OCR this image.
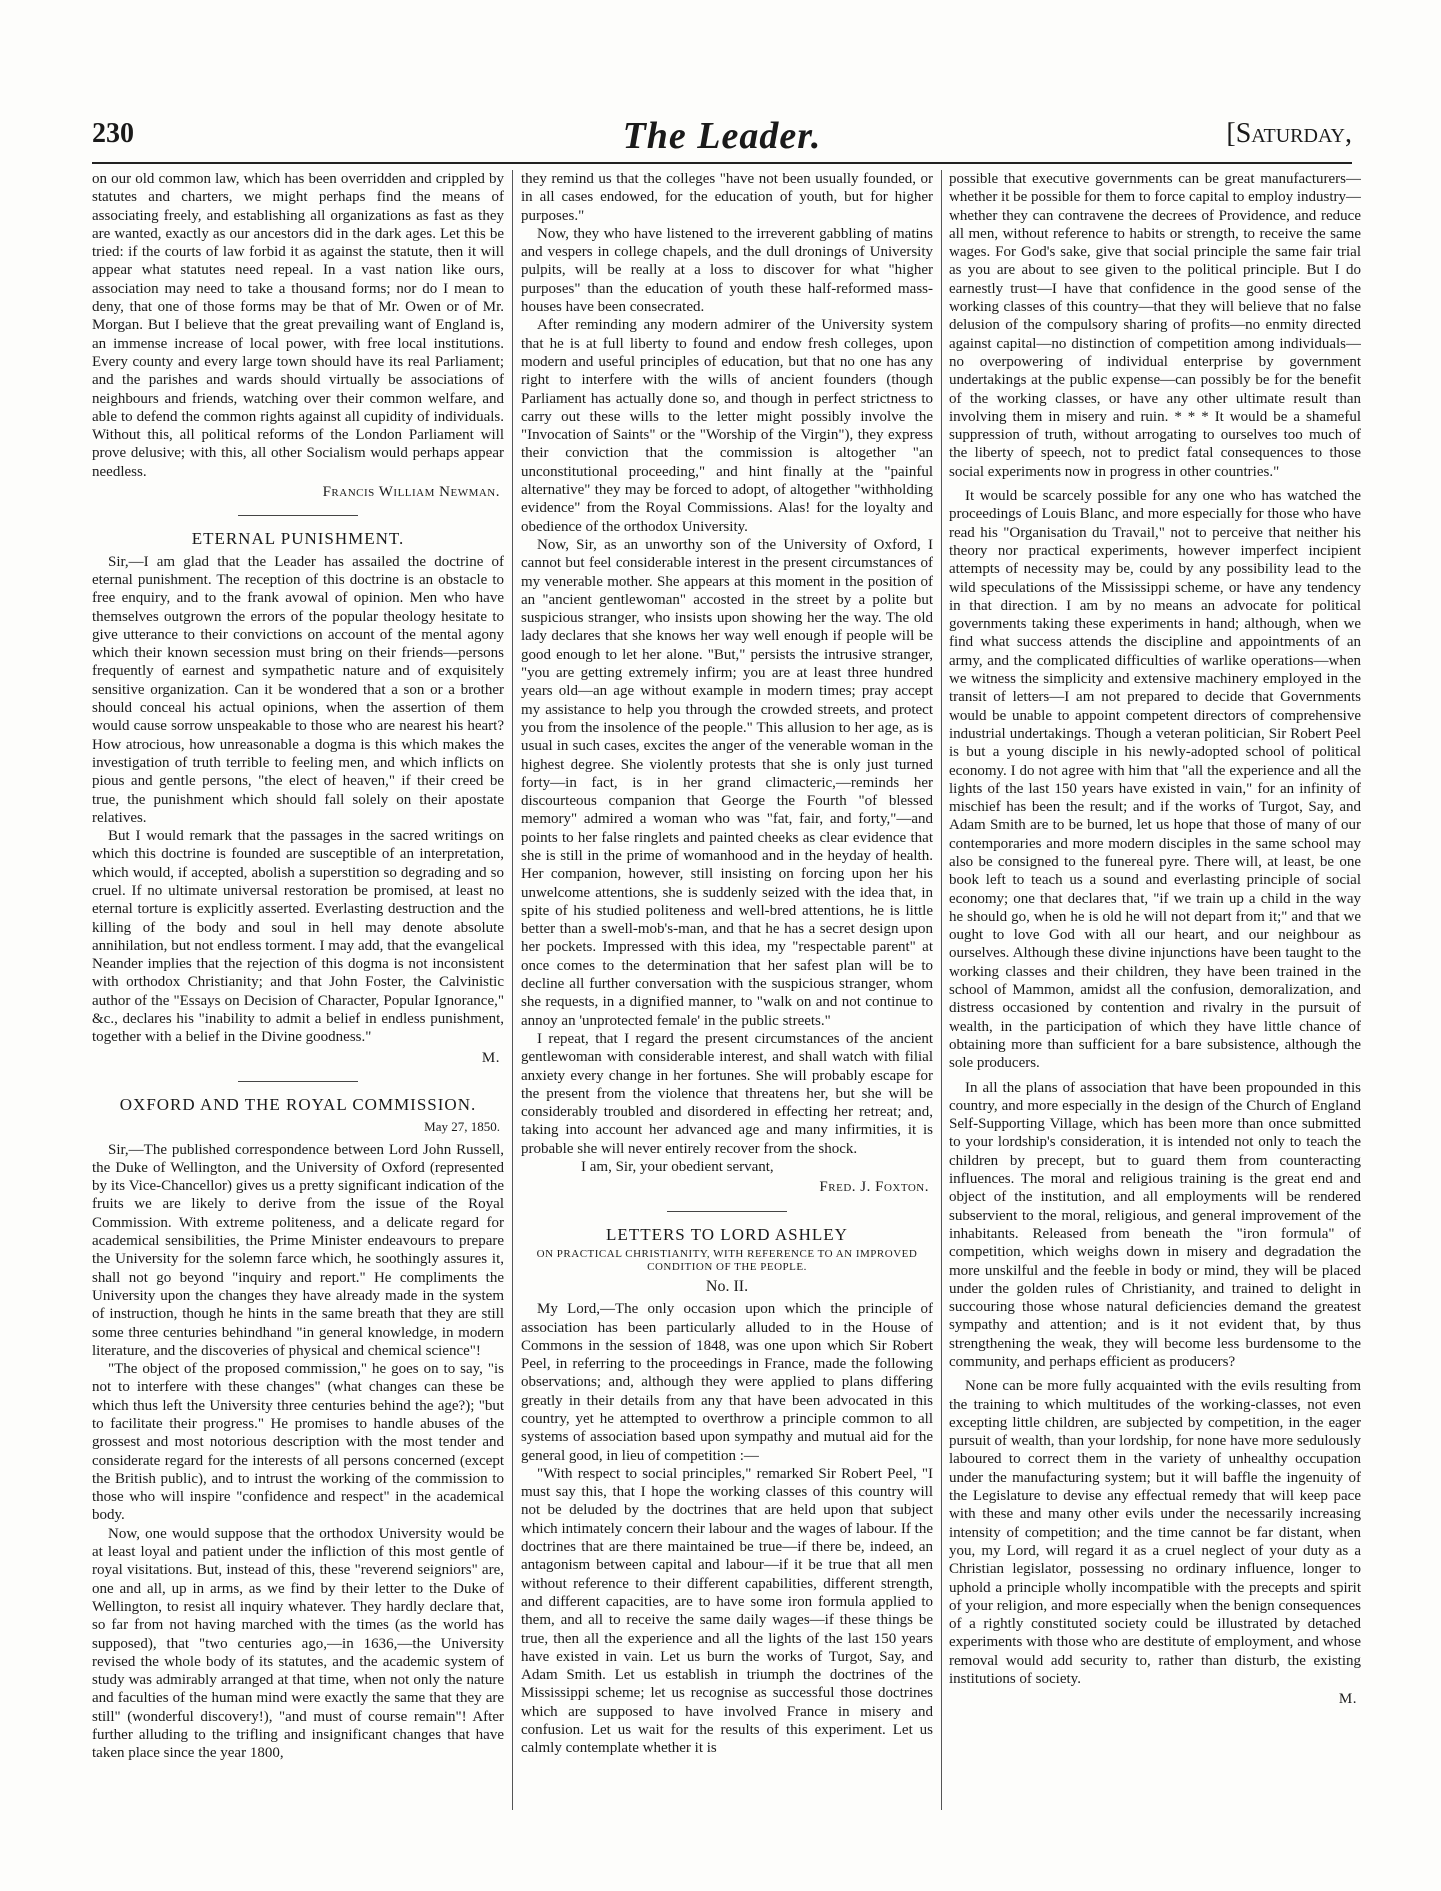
230	The Leader.	[Saturday,

on our old common law, which has been overridden and crippled by statutes and charters, we might perhaps find the means of associating freely, and establishing all organizations as fast as they are wanted, exactly as our ancestors did in the dark ages. Let this be tried: if the courts of law forbid it as against the statute, then it will appear what statutes need repeal. In a vast nation like ours, association may need to take a thousand forms; nor do I mean to deny, that one of those forms may be that of Mr. Owen or of Mr. Morgan. But I believe that the great prevailing want of England is, an immense increase of local power, with free local institutions. Every county and every large town should have its real Parliament; and the parishes and wards should virtually be associations of neighbours and friends, watching over their common welfare, and able to defend the common rights against all cupidity of individuals. Without this, all political reforms of the London Parliament will prove delusive; with this, all other Socialism would perhaps appear needless.

Francis William Newman.
ETERNAL PUNISHMENT.

Sir,—I am glad that the Leader has assailed the doctrine of eternal punishment. The reception of this doctrine is an obstacle to free enquiry, and to the frank avowal of opinion. Men who have themselves outgrown the errors of the popular theology hesitate to give utterance to their convictions on account of the mental agony which their known secession must bring on their friends—persons frequently of earnest and sympathetic nature and of exquisitely sensitive organization. Can it be wondered that a son or a brother should conceal his actual opinions, when the assertion of them would cause sorrow unspeakable to those who are nearest his heart? How atrocious, how unreasonable a dogma is this which makes the investigation of truth terrible to feeling men, and which inflicts on pious and gentle persons, "the elect of heaven," if their creed be true, the punishment which should fall solely on their apostate relatives.

But I would remark that the passages in the sacred writings on which this doctrine is founded are susceptible of an interpretation, which would, if accepted, abolish a superstition so degrading and so cruel. If no ultimate universal restoration be promised, at least no eternal torture is explicitly asserted. Everlasting destruction and the killing of the body and soul in hell may denote absolute annihilation, but not endless torment. I may add, that the evangelical Neander implies that the rejection of this dogma is not inconsistent with orthodox Christianity; and that John Foster, the Calvinistic author of the "Essays on Decision of Character, Popular Ignorance," &c., declares his "inability to admit a belief in endless punishment, together with a belief in the Divine goodness."

M.
OXFORD AND THE ROYAL COMMISSION.
May 27, 1850.

Sir,—The published correspondence between Lord John Russell, the Duke of Wellington, and the University of Oxford (represented by its Vice-Chancellor) gives us a pretty significant indication of the fruits we are likely to derive from the issue of the Royal Commission. With extreme politeness, and a delicate regard for academical sensibilities, the Prime Minister endeavours to prepare the University for the solemn farce which, he soothingly assures it, shall not go beyond "inquiry and report." He compliments the University upon the changes they have already made in the system of instruction, though he hints in the same breath that they are still some three centuries behindhand "in general knowledge, in modern literature, and the discoveries of physical and chemical science"!

"The object of the proposed commission," he goes on to say, "is not to interfere with these changes" (what changes can these be which thus left the University three centuries behind the age?); "but to facilitate their progress." He promises to handle abuses of the grossest and most notorious description with the most tender and considerate regard for the interests of all persons concerned (except the British public), and to intrust the working of the commission to those who will inspire "confidence and respect" in the academical body.

Now, one would suppose that the orthodox University would be at least loyal and patient under the infliction of this most gentle of royal visitations. But, instead of this, these "reverend seigniors" are, one and all, up in arms, as we find by their letter to the Duke of Wellington, to resist all inquiry whatever. They hardly declare that, so far from not having marched with the times (as the world has supposed), that "two centuries ago,—in 1636,—the University revised the whole body of its statutes, and the academic system of study was admirably arranged at that time, when not only the nature and faculties of the human mind were exactly the same that they are still" (wonderful discovery!), "and must of course remain"! After further alluding to the trifling and insignificant changes that have taken place since the year 1800,

they remind us that the colleges "have not been usually founded, or in all cases endowed, for the education of youth, but for higher purposes."

Now, they who have listened to the irreverent gabbling of matins and vespers in college chapels, and the dull dronings of University pulpits, will be really at a loss to discover for what "higher purposes" than the education of youth these half-reformed mass-houses have been consecrated.

After reminding any modern admirer of the University system that he is at full liberty to found and endow fresh colleges, upon modern and useful principles of education, but that no one has any right to interfere with the wills of ancient founders (though Parliament has actually done so, and though in perfect strictness to carry out these wills to the letter might possibly involve the "Invocation of Saints" or the "Worship of the Virgin"), they express their conviction that the commission is altogether "an unconstitutional proceeding," and hint finally at the "painful alternative" they may be forced to adopt, of altogether "withholding evidence" from the Royal Commissions. Alas! for the loyalty and obedience of the orthodox University.

Now, Sir, as an unworthy son of the University of Oxford, I cannot but feel considerable interest in the present circumstances of my venerable mother. She appears at this moment in the position of an "ancient gentlewoman" accosted in the street by a polite but suspicious stranger, who insists upon showing her the way. The old lady declares that she knows her way well enough if people will be good enough to let her alone. "But," persists the intrusive stranger, "you are getting extremely infirm; you are at least three hundred years old—an age without example in modern times; pray accept my assistance to help you through the crowded streets, and protect you from the insolence of the people." This allusion to her age, as is usual in such cases, excites the anger of the venerable woman in the highest degree. She violently protests that she is only just turned forty—in fact, is in her grand climacteric,—reminds her discourteous companion that George the Fourth "of blessed memory" admired a woman who was "fat, fair, and forty,"—and points to her false ringlets and painted cheeks as clear evidence that she is still in the prime of womanhood and in the heyday of health. Her companion, however, still insisting on forcing upon her his unwelcome attentions, she is suddenly seized with the idea that, in spite of his studied politeness and well-bred attentions, he is little better than a swell-mob's-man, and that he has a secret design upon her pockets. Impressed with this idea, my "respectable parent" at once comes to the determination that her safest plan will be to decline all further conversation with the suspicious stranger, whom she requests, in a dignified manner, to "walk on and not continue to annoy an 'unprotected female' in the public streets."

I repeat, that I regard the present circumstances of the ancient gentlewoman with considerable interest, and shall watch with filial anxiety every change in her fortunes. She will probably escape for the present from the violence that threatens her, but she will be considerably troubled and disordered in effecting her retreat; and, taking into account her advanced age and many infirmities, it is probable she will never entirely recover from the shock.

I am, Sir, your obedient servant,

Fred. J. Foxton.
LETTERS TO LORD ASHLEY
ON PRACTICAL CHRISTIANITY, WITH REFERENCE TO AN IMPROVED CONDITION OF THE PEOPLE.
No. II.

My Lord,—The only occasion upon which the principle of association has been particularly alluded to in the House of Commons in the session of 1848, was one upon which Sir Robert Peel, in referring to the proceedings in France, made the following observations; and, although they were applied to plans differing greatly in their details from any that have been advocated in this country, yet he attempted to overthrow a principle common to all systems of association based upon sympathy and mutual aid for the general good, in lieu of competition :—

"With respect to social principles," remarked Sir Robert Peel, "I must say this, that I hope the working classes of this country will not be deluded by the doctrines that are held upon that subject which intimately concern their labour and the wages of labour. If the doctrines that are there maintained be true—if there be, indeed, an antagonism between capital and labour—if it be true that all men without reference to their different capabilities, different strength, and different capacities, are to have some iron formula applied to them, and all to receive the same daily wages—if these things be true, then all the experience and all the lights of the last 150 years have existed in vain. Let us burn the works of Turgot, Say, and Adam Smith. Let us establish in triumph the doctrines of the Mississippi scheme; let us recognise as successful those doctrines which are supposed to have involved France in misery and confusion. Let us wait for the results of this experiment. Let us calmly contemplate whether it is

possible that executive governments can be great manufacturers—whether it be possible for them to force capital to employ industry—whether they can contravene the decrees of Providence, and reduce all men, without reference to habits or strength, to receive the same wages. For God's sake, give that social principle the same fair trial as you are about to see given to the political principle. But I do earnestly trust—I have that confidence in the good sense of the working classes of this country—that they will believe that no false delusion of the compulsory sharing of profits—no enmity directed against capital—no distinction of competition among individuals—no overpowering of individual enterprise by government undertakings at the public expense—can possibly be for the benefit of the working classes, or have any other ultimate result than involving them in misery and ruin. * * * It would be a shameful suppression of truth, without arrogating to ourselves too much of the liberty of speech, not to predict fatal consequences to those social experiments now in progress in other countries."

It would be scarcely possible for any one who has watched the proceedings of Louis Blanc, and more especially for those who have read his "Organisation du Travail," not to perceive that neither his theory nor practical experiments, however imperfect incipient attempts of necessity may be, could by any possibility lead to the wild speculations of the Mississippi scheme, or have any tendency in that direction. I am by no means an advocate for political governments taking these experiments in hand; although, when we find what success attends the discipline and appointments of an army, and the complicated difficulties of warlike operations—when we witness the simplicity and extensive machinery employed in the transit of letters—I am not prepared to decide that Governments would be unable to appoint competent directors of comprehensive industrial undertakings. Though a veteran politician, Sir Robert Peel is but a young disciple in his newly-adopted school of political economy. I do not agree with him that "all the experience and all the lights of the last 150 years have existed in vain," for an infinity of mischief has been the result; and if the works of Turgot, Say, and Adam Smith are to be burned, let us hope that those of many of our contemporaries and more modern disciples in the same school may also be consigned to the funereal pyre. There will, at least, be one book left to teach us a sound and everlasting principle of social economy; one that declares that, "if we train up a child in the way he should go, when he is old he will not depart from it;" and that we ought to love God with all our heart, and our neighbour as ourselves. Although these divine injunctions have been taught to the working classes and their children, they have been trained in the school of Mammon, amidst all the confusion, demoralization, and distress occasioned by contention and rivalry in the pursuit of wealth, in the participation of which they have little chance of obtaining more than sufficient for a bare subsistence, although the sole producers.

In all the plans of association that have been propounded in this country, and more especially in the design of the Church of England Self-Supporting Village, which has been more than once submitted to your lordship's consideration, it is intended not only to teach the children by precept, but to guard them from counteracting influences. The moral and religious training is the great end and object of the institution, and all employments will be rendered subservient to the moral, religious, and general improvement of the inhabitants. Released from beneath the "iron formula" of competition, which weighs down in misery and degradation the more unskilful and the feeble in body or mind, they will be placed under the golden rules of Christianity, and trained to delight in succouring those whose natural deficiencies demand the greatest sympathy and attention; and is it not evident that, by thus strengthening the weak, they will become less burdensome to the community, and perhaps efficient as producers?

None can be more fully acquainted with the evils resulting from the training to which multitudes of the working-classes, not even excepting little children, are subjected by competition, in the eager pursuit of wealth, than your lordship, for none have more sedulously laboured to correct them in the variety of unhealthy occupation under the manufacturing system; but it will baffle the ingenuity of the Legislature to devise any effectual remedy that will keep pace with these and many other evils under the necessarily increasing intensity of competition; and the time cannot be far distant, when you, my Lord, will regard it as a cruel neglect of your duty as a Christian legislator, possessing no ordinary influence, longer to uphold a principle wholly incompatible with the precepts and spirit of your religion, and more especially when the benign consequences of a rightly constituted society could be illustrated by detached experiments with those who are destitute of employment, and whose removal would add security to, rather than disturb, the existing institutions of society.

M.
